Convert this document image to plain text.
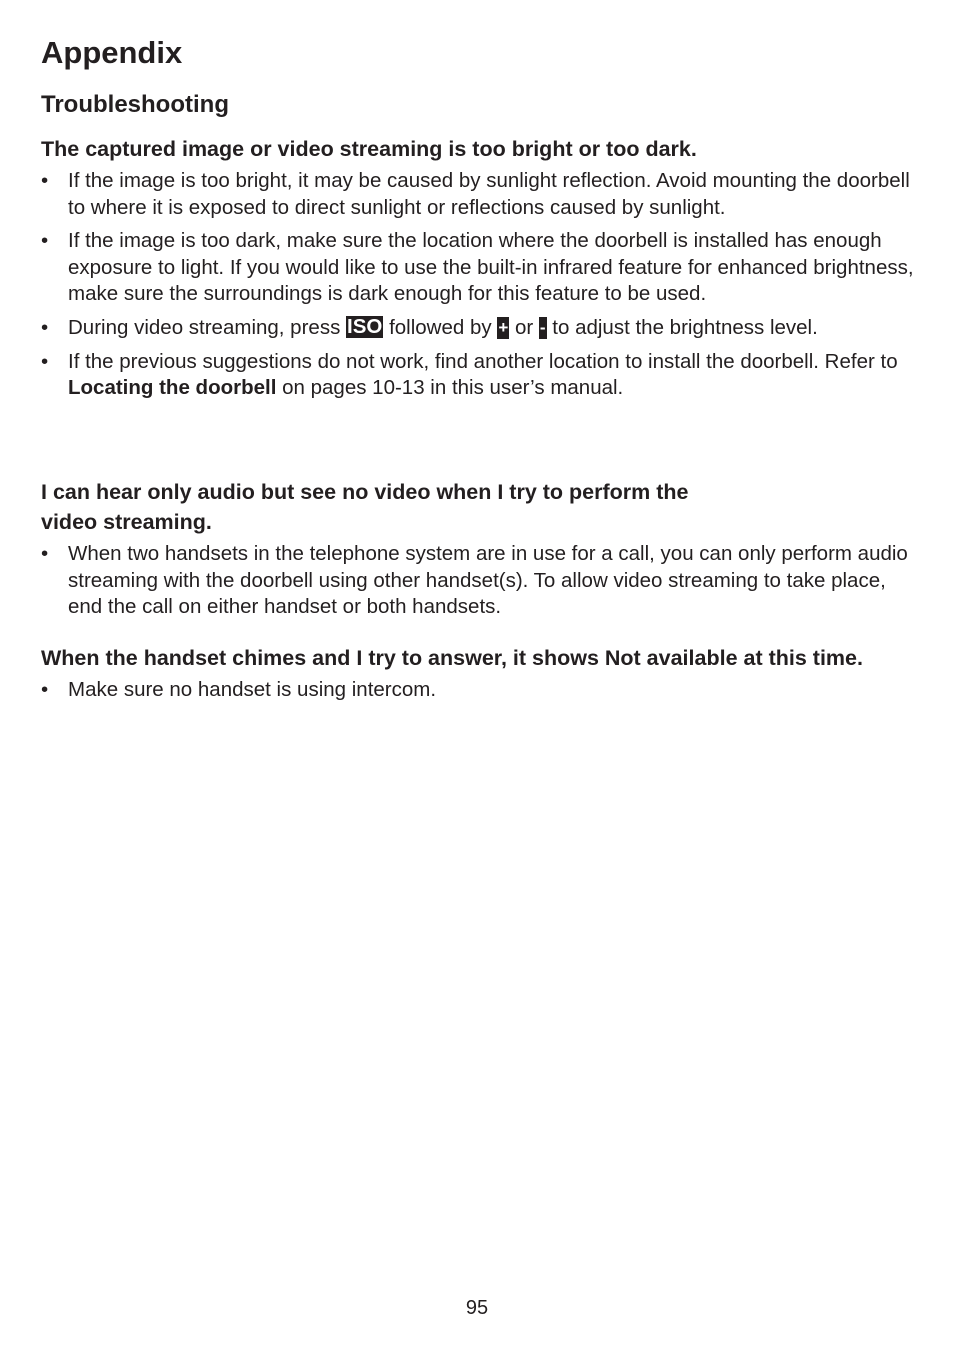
Appendix
Troubleshooting
The captured image or video streaming is too bright or too dark.
• If the image is too bright, it may be caused by sunlight reflection. Avoid mounting the doorbell to where it is exposed to direct sunlight or reflections caused by sunlight.
• If the image is too dark, make sure the location where the doorbell is installed has enough exposure to light. If you would like to use the built-in infrared feature for enhanced brightness, make sure the surroundings is dark enough for this feature to be used.
• During video streaming, press ISO followed by + or - to adjust the brightness level.
• If the previous suggestions do not work, find another location to install the doorbell. Refer to Locating the doorbell on pages 10-13 in this user’s manual.
I can hear only audio but see no video when I try to perform the
video streaming.
• When two handsets in the telephone system are in use for a call, you can only perform audio streaming with the doorbell using other handset(s). To allow video streaming to take place, end the call on either handset or both handsets.
When the handset chimes and I try to answer, it shows Not available at this time.
• Make sure no handset is using intercom.
95
